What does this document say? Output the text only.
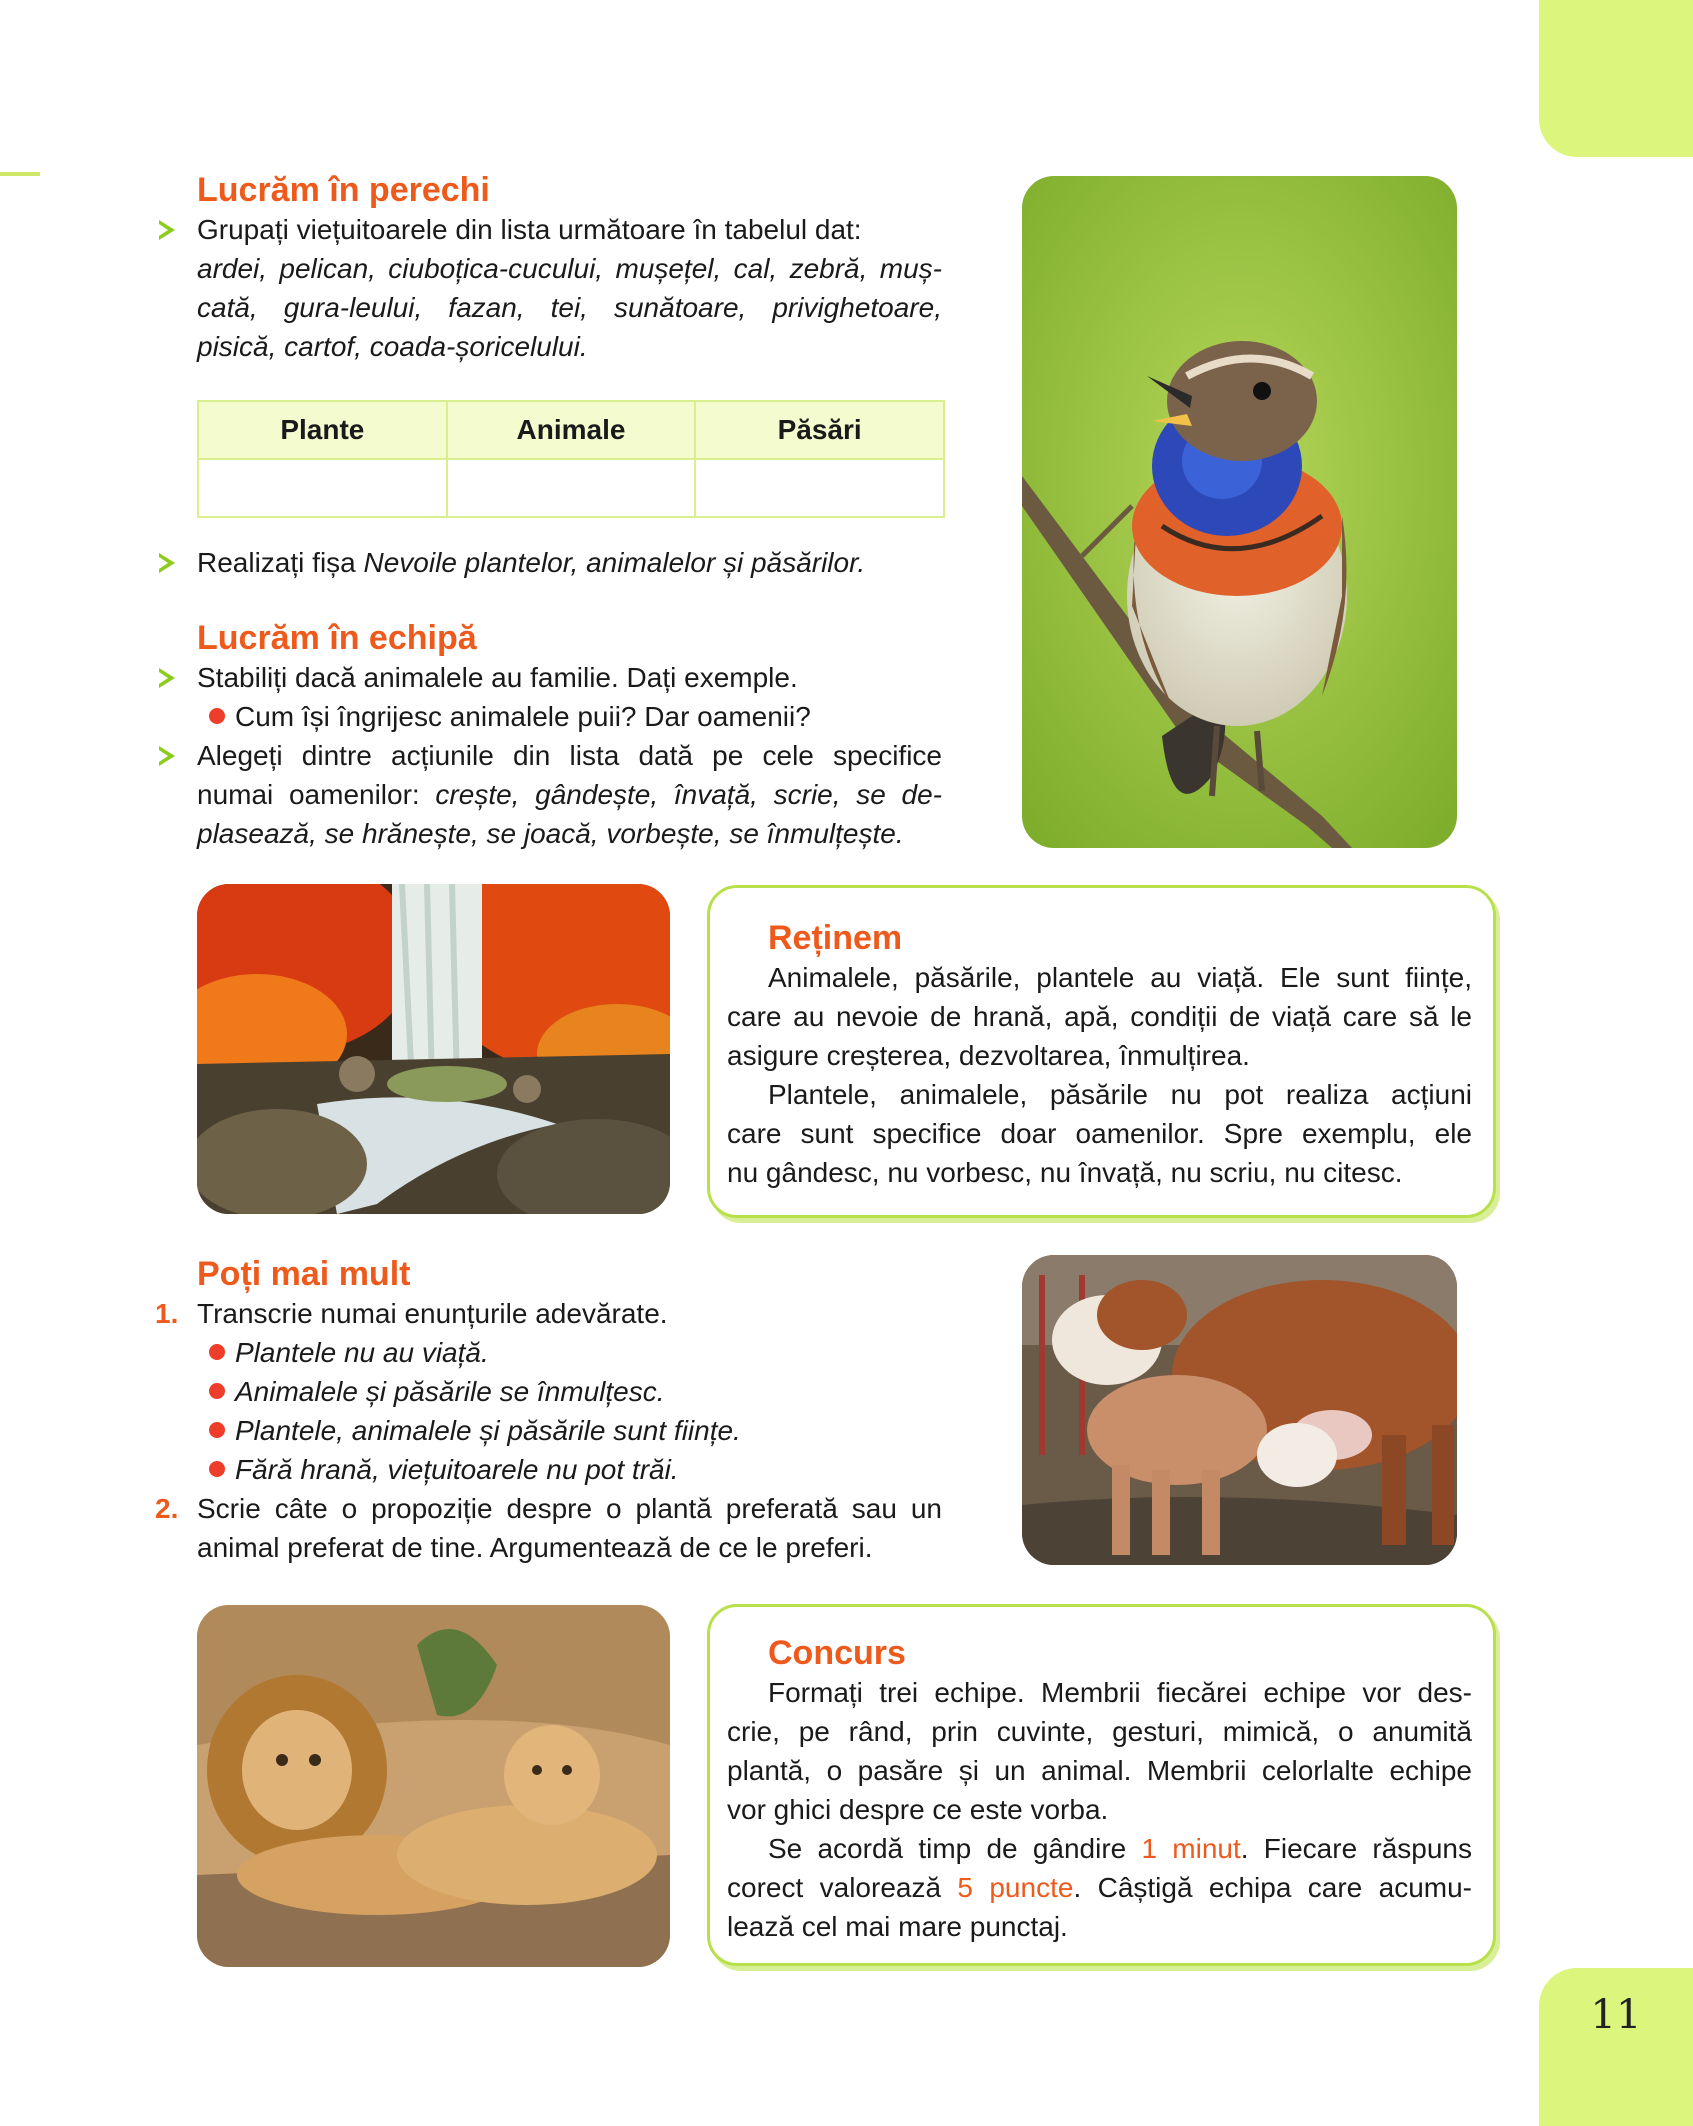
11
Lucrăm în perechi
Grupați viețuitoarele din lista următoare în tabelul dat:
ardei, pelican, ciuboțica-cucului, mușețel, cal, zebră, muș-
cată, gura-leului, fazan, tei, sunătoare, privighetoare,
pisică, cartof, coada-șoricelului.
Plante	Animale	Păsări

Realizați fișa Nevoile plantelor, animalelor și păsărilor.
Lucrăm în echipă
Stabiliți dacă animalele au familie. Dați exemple.
Cum își îngrijesc animalele puii? Dar oamenii?
Alegeți dintre acțiunile din lista dată pe cele specifice
numai oamenilor: crește, gândește, învață, scrie, se de-
plasează, se hrănește, se joacă, vorbește, se înmulțește.
Reținem
Animalele, păsările, plantele au viață. Ele sunt ființe,
care au nevoie de hrană, apă, condiții de viață care să le
asigure creșterea, dezvoltarea, înmulțirea.
Plantele, animalele, păsările nu pot realiza acțiuni
care sunt specifice doar oamenilor. Spre exemplu, ele
nu gândesc, nu vorbesc, nu învață, nu scriu, nu citesc.
Poți mai mult
1. Transcrie numai enunțurile adevărate.
Plantele nu au viață.
Animalele și păsările se înmulțesc.
Plantele, animalele și păsările sunt ființe.
Fără hrană, viețuitoarele nu pot trăi.
2. Scrie câte o propoziție despre o plantă preferată sau un
animal preferat de tine. Argumentează de ce le preferi.
Concurs
Formați trei echipe. Membrii fiecărei echipe vor des-
crie, pe rând, prin cuvinte, gesturi, mimică, o anumită
plantă, o pasăre și un animal. Membrii celorlalte echipe
vor ghici despre ce este vorba.
Se acordă timp de gândire 1 minut. Fiecare răspuns
corect valorează 5 puncte. Câștigă echipa care acumu-
lează cel mai mare punctaj.
